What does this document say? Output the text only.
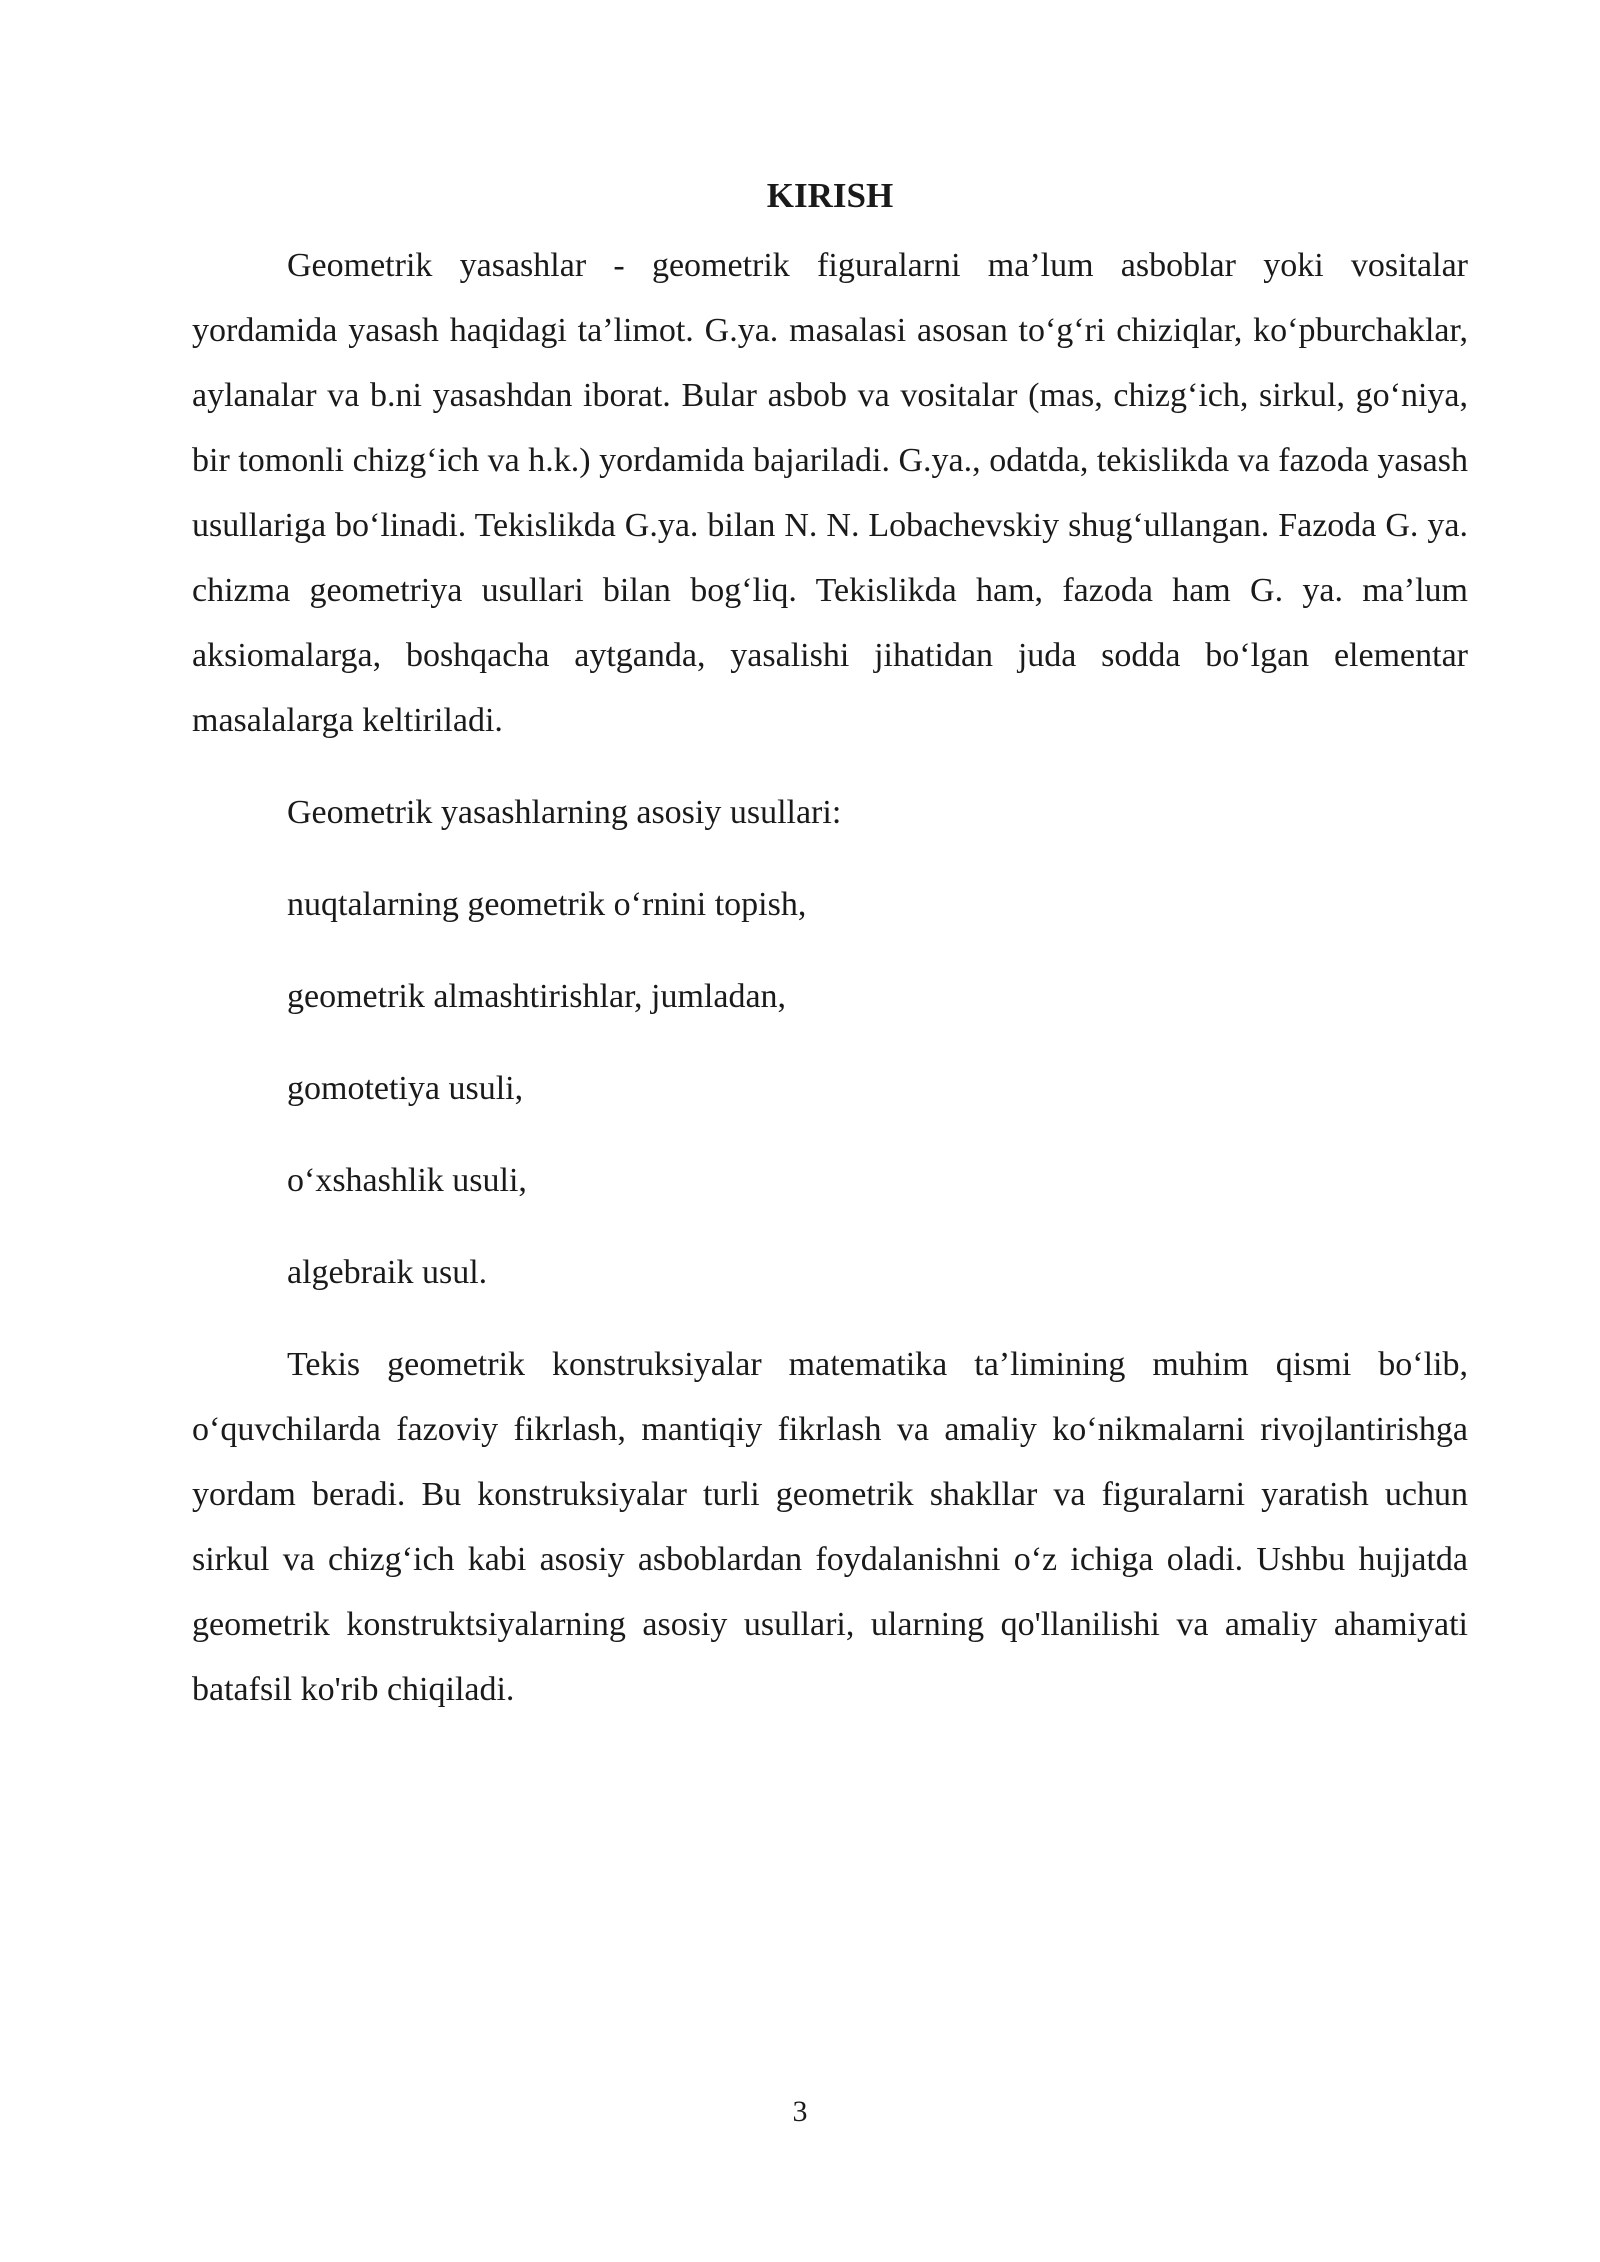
KIRISH

Geometrik yasashlar - geometrik figuralarni ma’lum asboblar yoki vositalar yordamida yasash haqidagi ta’limot. G.ya. masalasi asosan to‘g‘ri chiziqlar, ko‘pburchaklar, aylanalar va b.ni yasashdan iborat. Bular asbob va vositalar (mas, chizg‘ich, sirkul, go‘niya, bir tomonli chizg‘ich va h.k.) yordamida bajariladi. G.ya., odatda, tekislikda va fazoda yasash usullariga bo‘linadi. Tekislikda G.ya. bilan N. N. Lobachevskiy shug‘ullangan. Fazoda G. ya. chizma geometriya usullari bilan bog‘liq. Tekislikda ham, fazoda ham G. ya. ma’lum aksiomalarga, boshqacha aytganda, yasalishi jihatidan juda sodda bo‘lgan elementar masalalarga keltiriladi.

Geometrik yasashlarning asosiy usullari:

nuqtalarning geometrik o‘rnini topish,
geometrik almashtirishlar, jumladan,
gomotetiya usuli,
o‘xshashlik usuli,
algebraik usul.

Tekis geometrik konstruksiyalar matematika ta’limining muhim qismi bo‘lib, o‘quvchilarda fazoviy fikrlash, mantiqiy fikrlash va amaliy ko‘nikmalarni rivojlantirishga yordam beradi. Bu konstruksiyalar turli geometrik shakllar va figuralarni yaratish uchun sirkul va chizg‘ich kabi asosiy asboblardan foydalanishni o‘z ichiga oladi. Ushbu hujjatda geometrik konstruktsiyalarning asosiy usullari, ularning qo'llanilishi va amaliy ahamiyati batafsil ko'rib chiqiladi.

3
